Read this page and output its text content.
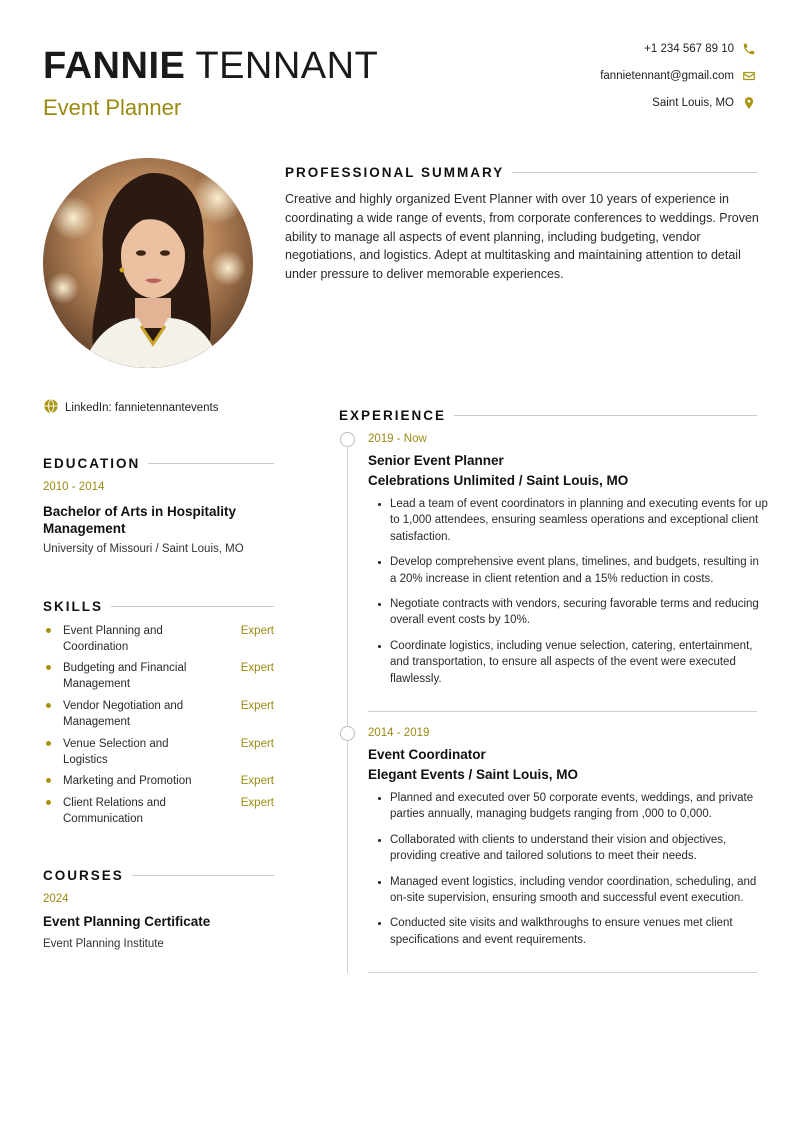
FANNIE TENNANT
Event Planner
+1 234 567 89 10
fannietennant@gmail.com
Saint Louis, MO
PROFESSIONAL SUMMARY

Creative and highly organized Event Planner with over 10 years of experience in coordinating a wide range of events, from corporate conferences to weddings. Proven ability to manage all aspects of event planning, including budgeting, vendor negotiations, and logistics. Adept at multitasking and maintaining attention to detail under pressure to deliver memorable experiences.

LinkedIn: fannietennantevents
EDUCATION
2010 - 2014
Bachelor of Arts in Hospitality Management
University of Missouri / Saint Louis, MO
SKILLS
Event Planning and Coordination
Expert
Budgeting and Financial Management
Expert
Vendor Negotiation and Management
Expert
Venue Selection and Logistics
Expert
Marketing and Promotion	Expert
Client Relations and Communication
Expert
COURSES
2024
Event Planning Certificate
Event Planning Institute
EXPERIENCE
2019 - Now
Senior Event Planner
Celebrations Unlimited / Saint Louis, MO
Lead a team of event coordinators in planning and executing events for up to 1,000 attendees, ensuring seamless operations and exceptional client satisfaction.
Develop comprehensive event plans, timelines, and budgets, resulting in a 20% increase in client retention and a 15% reduction in costs.
Negotiate contracts with vendors, securing favorable terms and reducing overall event costs by 10%.
Coordinate logistics, including venue selection, catering, entertainment, and transportation, to ensure all aspects of the event were executed flawlessly.
2014 - 2019
Event Coordinator
Elegant Events / Saint Louis, MO
Planned and executed over 50 corporate events, weddings, and private parties annually, managing budgets ranging from ,000 to 0,000.
Collaborated with clients to understand their vision and objectives, providing creative and tailored solutions to meet their needs.
Managed event logistics, including vendor coordination, scheduling, and on-site supervision, ensuring smooth and successful event execution.
Conducted site visits and walkthroughs to ensure venues met client specifications and event requirements.
